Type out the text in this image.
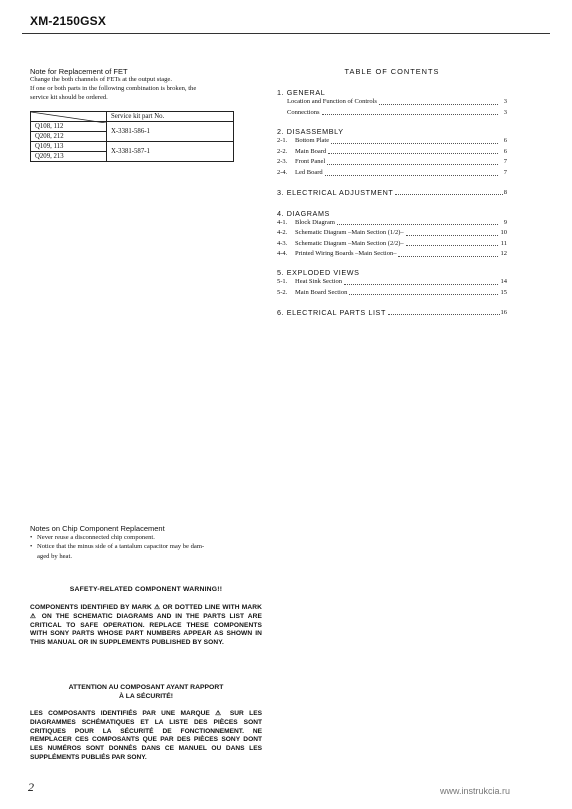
XM-2150GSX
Note for Replacement of FET
Change the both channels of FETs at the output stage.
If one or both parts in the following combination is broken, the
service kit should be ordered.
	Service kit part No.
Q108, 112	X-3381-586-1
Q208, 212	
Q109, 113	X-3381-587-1
Q209, 213	
TABLE OF CONTENTS
1. GENERAL
Location and Function of Controls	3
Connections	3
2. DISASSEMBLY
2-1.	Bottom Plate	6
2-2.	Main Board	6
2-3.	Front Panel	7
2-4.	Led Board	7
3. ELECTRICAL ADJUSTMENT	8
4. DIAGRAMS
4-1.	Block Diagram	9
4-2.	Schematic Diagram –Main Section (1/2)–	10
4-3.	Schematic Diagram –Main Section (2/2)–	11
4-4.	Printed Wiring Boards –Main Section–	12
5. EXPLODED VIEWS
5-1.	Heat Sink Section	14
5-2.	Main Board Section	15
6. ELECTRICAL PARTS LIST	16
Notes on Chip Component Replacement
• Never reuse a disconnected chip component.
• Notice that the minus side of a tantalum capacitor may be dam-
aged by heat.
SAFETY-RELATED COMPONENT WARNING!!
COMPONENTS IDENTIFIED BY MARK ⚠ OR DOTTED LINE WITH MARK ⚠ ON THE SCHEMATIC DIAGRAMS AND IN THE PARTS LIST ARE CRITICAL TO SAFE OPERATION. REPLACE THESE COMPONENTS WITH SONY PARTS WHOSE PART NUMBERS APPEAR AS SHOWN IN THIS MANUAL OR IN SUPPLEMENTS PUBLISHED BY SONY.
ATTENTION AU COMPOSANT AYANT RAPPORT
À LA SÉCURITÉ!
LES COMPOSANTS IDENTIFIÉS PAR UNE MARQUE ⚠ SUR LES DIAGRAMMES SCHÉMATIQUES ET LA LISTE DES PIÈCES SONT CRITIQUES POUR LA SÉCURITÉ DE FONCTIONNEMENT. NE REMPLACER CES COMPOSANTS QUE PAR DES PIÈCES SONY DONT LES NUMÉROS SONT DONNÉS DANS CE MANUEL OU DANS LES SUPPLÉMENTS PUBLIÉS PAR SONY.
2	www.instrukcia.ru
